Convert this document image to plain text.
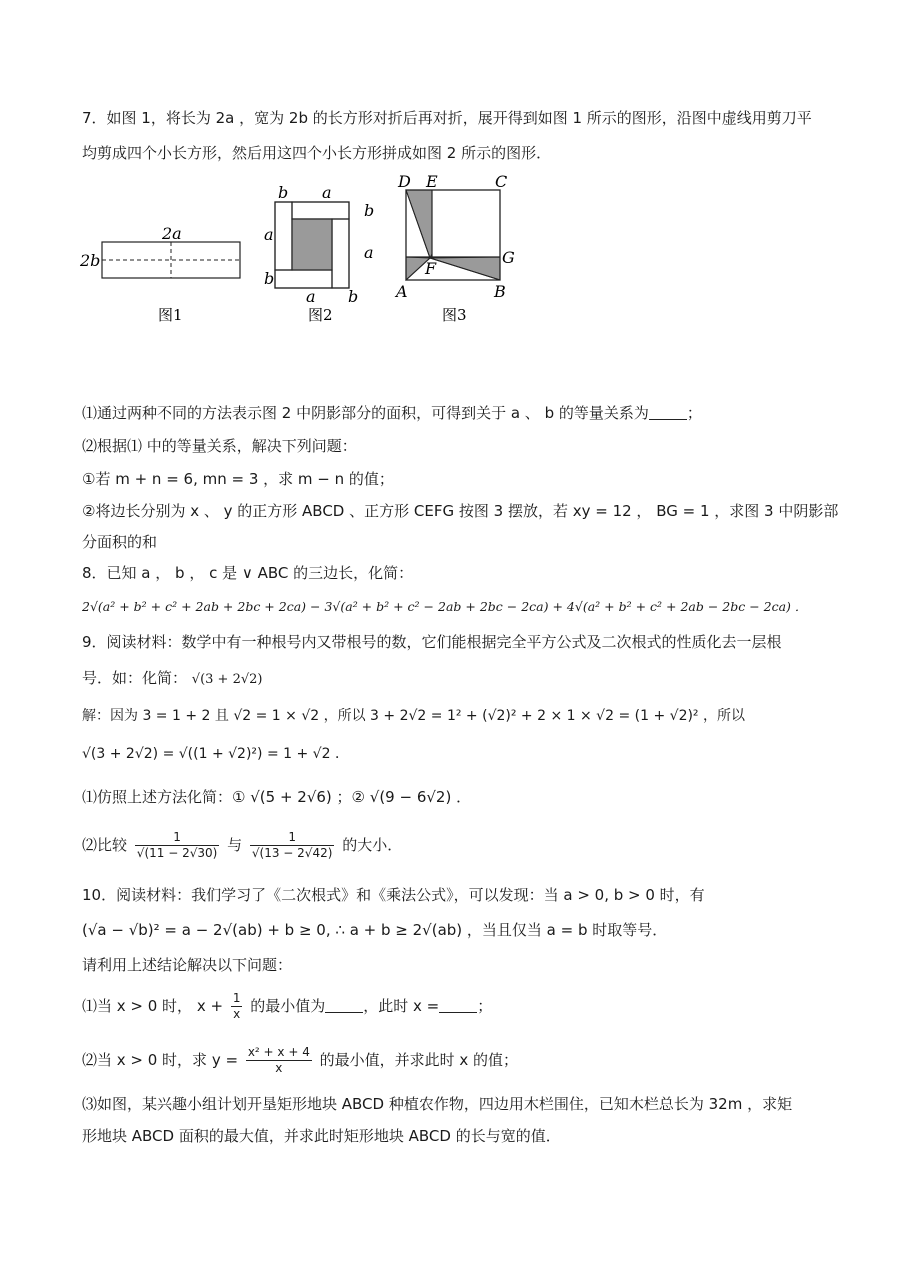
7．如图 1，将长为 2a ，宽为 2b 的长方形对折后再对折，展开得到如图 1 所示的图形，沿图中虚线用剪刀平
均剪成四个小长方形，然后用这四个小长方形拼成如图 2 所示的图形．
2a
2b
图1
b a
b
a
a
b
a b
图2
D E	C
F
G
A	B
图3
⑴通过两种不同的方法表示图 2 中阴影部分的面积，可得到关于 a 、 b 的等量关系为	；
⑵根据⑴ 中的等量关系，解决下列问题：
①若 m + n = 6, mn = 3 ，求 m − n 的值；
②将边长分别为 x 、 y 的正方形 ABCD 、正方形 CEFG 按图 3 摆放，若 xy = 12 ， BG = 1 ，求图 3 中阴影部
分面积的和
8．已知 a ， b ， c 是 ∨ ABC 的三边长，化简：
2√(a² + b² + c² + 2ab + 2bc + 2ca) − 3√(a² + b² + c² − 2ab + 2bc − 2ca) + 4√(a² + b² + c² + 2ab − 2bc − 2ca) ．
9．阅读材料：数学中有一种根号内又带根号的数，它们能根据完全平方公式及二次根式的性质化去一层根
号．如：化简： √(3 + 2√2)
解：因为 3 = 1 + 2 且 √2 = 1 × √2 ，所以 3 + 2√2 = 1² + (√2)² + 2 × 1 × √2 = (1 + √2)² ，所以
√(3 + 2√2) = √((1 + √2)²) = 1 + √2 ．
⑴仿照上述方法化简：① √(5 + 2√6) ；② √(9 − 6√2) ．
⑵比较 $\frac{1}{√(11 - 2√30)}$ 与 $\frac{1}{√(13 - 2√42)}$ 的大小．
10．阅读材料：我们学习了《二次根式》和《乘法公式》，可以发现：当 a > 0, b > 0 时，有
(√a − √b)² = a − 2√(ab) + b ≥ 0, ∴ a + b ≥ 2√(ab) ，当且仅当 a = b 时取等号．
请利用上述结论解决以下问题：
⑴当 x > 0 时， $x + \frac{1}{x}$ 的最小值为	，此时 x =	；
⑵当 x > 0 时，求 $y = \frac{\text{x² + x + 4}}{x}$ 的最小值，并求此时 x 的值；
⑶如图，某兴趣小组计划开垦矩形地块 ABCD 种植农作物，四边用木栏围住，已知木栏总长为 32m ，求矩
形地块 ABCD 面积的最大值，并求此时矩形地块 ABCD 的长与宽的值．
